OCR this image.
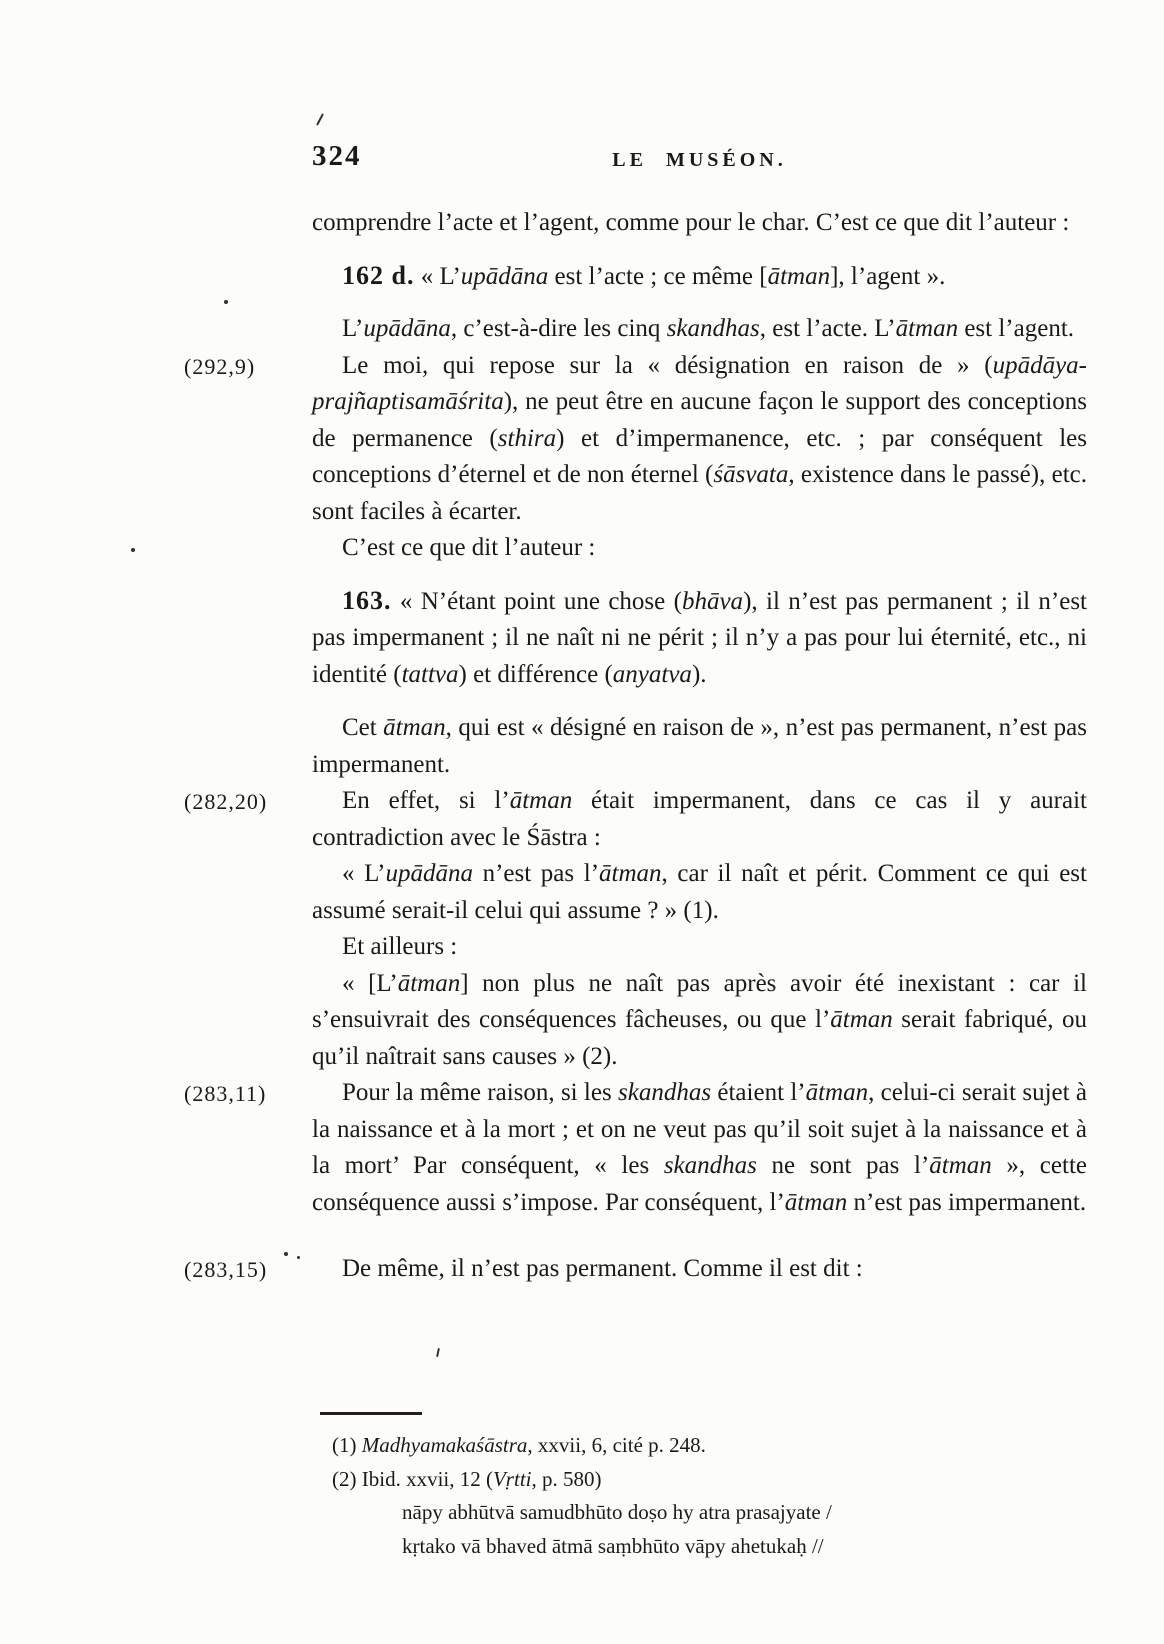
324	LE MUSÉON.

comprendre l’acte et l’agent, comme pour le char. C’est ce que dit l’auteur :

162 d. « L’upādāna est l’acte ; ce même [ātman], l’agent ».

L’upādāna, c’est-à-dire les cinq skandhas, est l’acte. L’ātman est l’agent.

(292,9)	Le moi, qui repose sur la « désignation en raison de » (upādāya-prajñaptisamāśrita), ne peut être en aucune façon le support des conceptions de permanence (sthira) et d’impermanence, etc. ; par conséquent les conceptions d’éternel et de non éternel (śāsvata, existence dans le passé), etc. sont faciles à écarter.

C’est ce que dit l’auteur :

163. « N’étant point une chose (bhāva), il n’est pas permanent ; il n’est pas impermanent ; il ne naît ni ne périt ; il n’y a pas pour lui éternité, etc., ni identité (tattva) et différence (anyatva).

Cet ātman, qui est « désigné en raison de », n’est pas permanent, n’est pas impermanent.

(282,20)	En effet, si l’ātman était impermanent, dans ce cas il y aurait contradiction avec le Śāstra :

« L’upādāna n’est pas l’ātman, car il naît et périt. Comment ce qui est assumé serait-il celui qui assume ? » (1).

Et ailleurs :

« [L’ātman] non plus ne naît pas après avoir été inexistant : car il s’ensuivrait des conséquences fâcheuses, ou que l’ātman serait fabriqué, ou qu’il naîtrait sans causes » (2).

(283,11)	Pour la même raison, si les skandhas étaient l’ātman, celui-ci serait sujet à la naissance et à la mort ; et on ne veut pas qu’il soit sujet à la naissance et à la mort’ Par conséquent, « les skandhas ne sont pas l’ātman », cette conséquence aussi s’impose. Par conséquent, l’ātman n’est pas impermanent.

(283,15)	De même, il n’est pas permanent. Comme il est dit :

(1) Madhyamakaśāstra, xxvii, 6, cité p. 248.

(2) Ibid. xxvii, 12 (Vṛtti, p. 580)

nāpy abhūtvā samudbhūto doṣo hy atra prasajyate /

kṛtako vā bhaved ātmā saṃbhūto vāpy ahetukaḥ //
